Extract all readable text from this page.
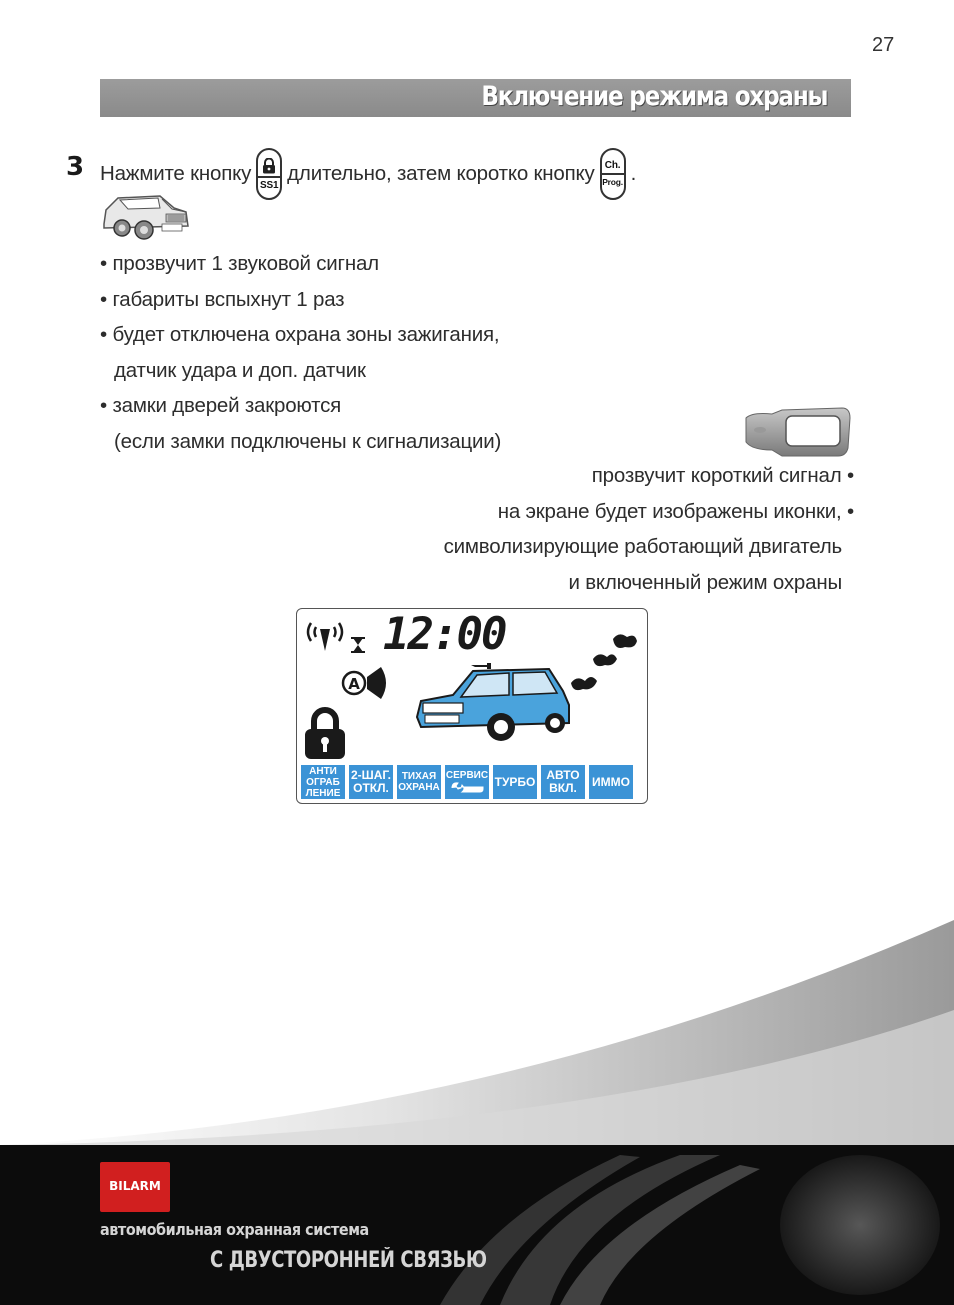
27
Включение режима охраны
3 Нажмите кнопку SS1 длительно, затем коротко кнопку Ch.
Prog. .
• прозвучит 1 звуковой сигнал
• габариты вспыхнут 1 раз
• будет отключена охрана зоны зажигания,
датчик удара и доп. датчик
• замки дверей закроются
(если замки подключены к сигнализации)
прозвучит короткий сигнал •
на экране будет изображены иконки, •
символизирующие работающий двигатель
и включенный режим охраны
12:00
A
АНТИ
ОГРАБ
ЛЕНИЕ
2-ШАГ.
ОТКЛ.
ТИХАЯ
ОХРАНА
СЕРВИС ТУРБО АВТО
ВКЛ. ИММО
BILARM
автомобильная охранная система
С ДВУСТОРОННЕЙ СВЯЗЬЮ
